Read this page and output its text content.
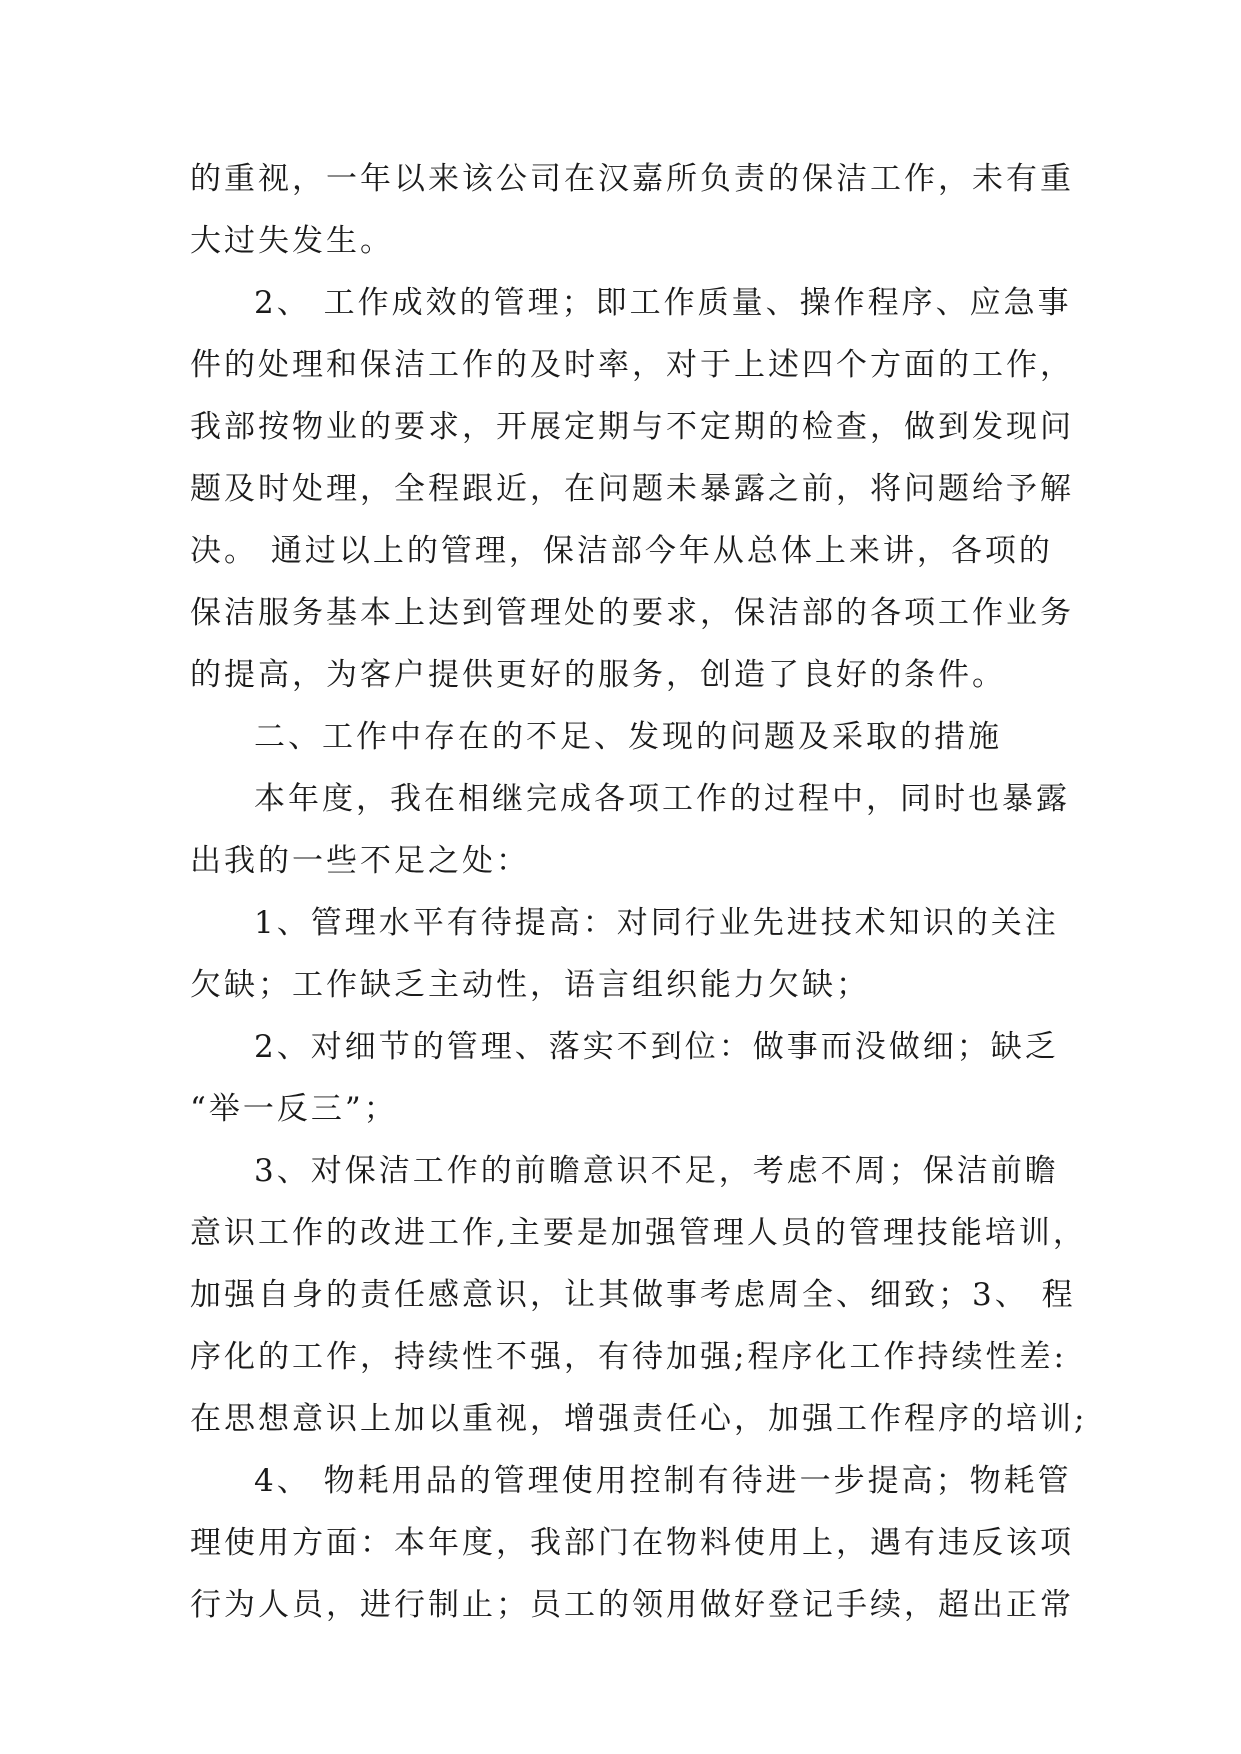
的重视，一年以来该公司在汉嘉所负责的保洁工作，未有重
大过失发生。
2、 工作成效的管理；即工作质量、操作程序、应急事
件的处理和保洁工作的及时率，对于上述四个方面的工作，
我部按物业的要求，开展定期与不定期的检查，做到发现问
题及时处理，全程跟近，在问题未暴露之前，将问题给予解
决。 通过以上的管理，保洁部今年从总体上来讲，各项的
保洁服务基本上达到管理处的要求，保洁部的各项工作业务
的提高，为客户提供更好的服务，创造了良好的条件。
二、工作中存在的不足、发现的问题及采取的措施
本年度，我在相继完成各项工作的过程中，同时也暴露
出我的一些不足之处：
1、管理水平有待提高：对同行业先进技术知识的关注
欠缺；工作缺乏主动性，语言组织能力欠缺；
2、对细节的管理、落实不到位：做事而没做细；缺乏
“举一反三”；
3、对保洁工作的前瞻意识不足，考虑不周；保洁前瞻
意识工作的改进工作,主要是加强管理人员的管理技能培训，
加强自身的责任感意识，让其做事考虑周全、细致；3、 程
序化的工作，持续性不强，有待加强;程序化工作持续性差:
在思想意识上加以重视，增强责任心，加强工作程序的培训;
4、 物耗用品的管理使用控制有待进一步提高；物耗管
理使用方面：本年度，我部门在物料使用上，遇有违反该项
行为人员，进行制止；员工的领用做好登记手续，超出正常
